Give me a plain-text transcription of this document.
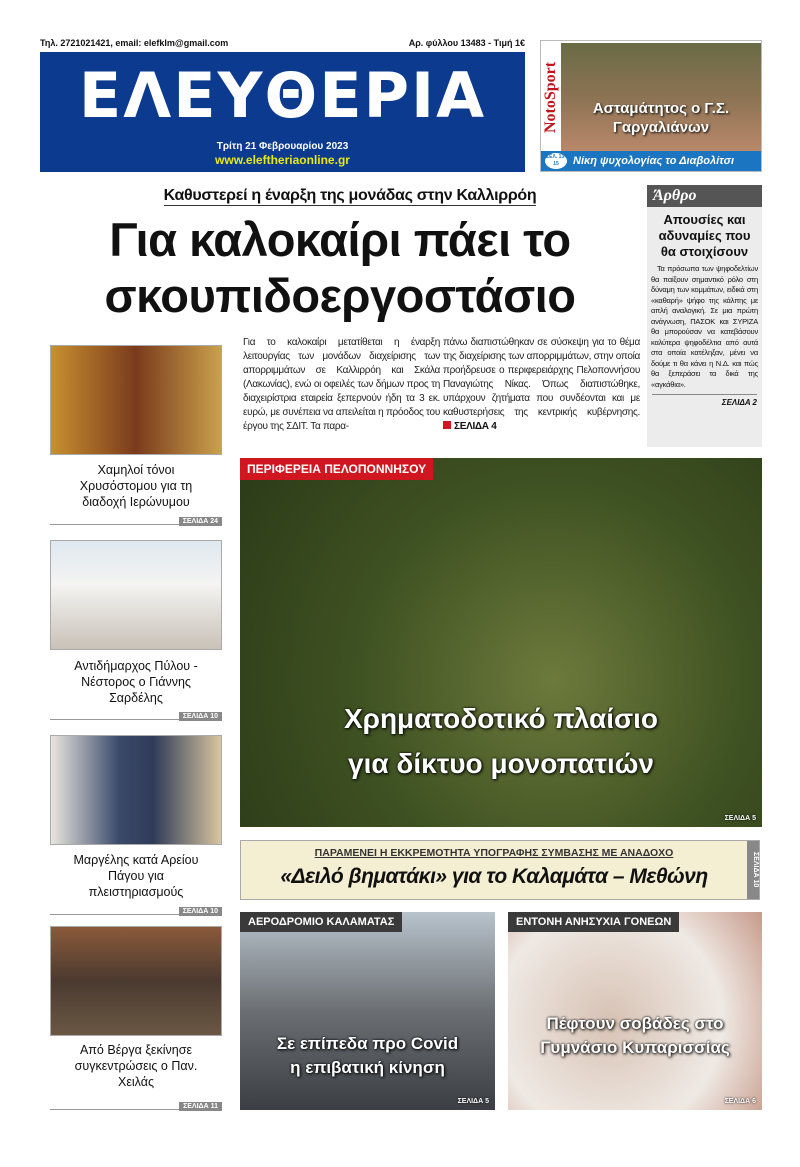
Τηλ. 2721021421, email: elefklm@gmail.com	Αρ. φύλλου 13483 - Τιμή 1€
ΕΛΕΥΘΕΡΙΑ
Τρίτη 21 Φεβρουαρίου 2023
www.eleftheriaonline.gr
NotoSport	Ασταμάτητος ο Γ.Σ. Γαργαλιάνων
ΣΕΛ. 13-15	Νίκη ψυχολογίας το Διαβολίτσι
Καθυστερεί η έναρξη της μονάδας στην Καλλιρρόη
Για καλοκαίρι πάει το σκουπιδοεργοστάσιο
Για το καλοκαίρι μετατίθεται η έναρξη λειτουργίας των μονάδων διαχείρισης των απορριμμάτων σε Καλλιρρόη και Σκάλα (Λακωνίας), ενώ οι οφειλές των δήμων προς τη διαχειρίστρια εταιρεία ξεπερνούν ήδη τα 3 εκ. ευρώ, με συνέπεια να απειλείται η πρόοδος του έργου της ΣΔΙΤ. Τα παρα-
πάνω διαπιστώθηκαν σε σύσκεψη για το θέμα της διαχείρισης των απορριμμάτων, στην οποία προήδρευσε ο περιφερειάρχης Πελοποννήσου Παναγιώτης Νίκας. Όπως διαπιστώθηκε, υπάρχουν ζητήματα που συνδέονται και με καθυστερήσεις της κεντρικής κυβέρνησης. ΣΕΛΙΔΑ 4
Άρθρο
Απουσίες και αδυναμίες που θα στοιχίσουν
Τα πρόσωπα των ψηφοδελτίων θα παίξουν σημαντικό ρόλο στη δύναμη των κομμάτων, ειδικά στη «καθαρή» ψήφο της κάλπης με απλή αναλογική. Σε μια πρώτη ανάγνωση, ΠΑΣΟΚ και ΣΥΡΙΖΑ θα μπορούσαν να κατεβάσουν καλύτερα ψηφοδέλτια από αυτά στα οποία κατέληξαν, μένει να δούμε τι θα κάνει η Ν.Δ. και πώς θα ξεπεράσει τα δικά της «αγκάθια».
ΣΕΛΙΔΑ 2
Χαμηλοί τόνοι Χρυσόστομου για τη διαδοχή Ιερώνυμου
ΣΕΛΙΔΑ 24
Αντιδήμαρχος Πύλου - Νέστορος ο Γιάννης Σαρδέλης
ΣΕΛΙΔΑ 10
Μαργέλης κατά Αρείου Πάγου για πλειστηριασμούς
ΣΕΛΙΔΑ 10
Από Βέργα ξεκίνησε συγκεντρώσεις ο Παν. Χειλάς
ΣΕΛΙΔΑ 11
ΠΕΡΙΦΕΡΕΙΑ ΠΕΛΟΠΟΝΝΗΣΟΥ
Χρηματοδοτικό πλαίσιο
για δίκτυο μονοπατιών
ΣΕΛΙΔΑ 5
ΠΑΡΑΜΕΝΕΙ Η ΕΚΚΡΕΜΟΤΗΤΑ ΥΠΟΓΡΑΦΗΣ ΣΥΜΒΑΣΗΣ ΜΕ ΑΝΑΔΟΧΟ
«Δειλό βηματάκι» για το Καλαμάτα – Μεθώνη	ΣΕΛΙΔΑ 10
ΑΕΡΟΔΡΟΜΙΟ ΚΑΛΑΜΑΤΑΣ
Σε επίπεδα προ Covid
η επιβατική κίνηση
ΣΕΛΙΔΑ 5
ΕΝΤΟΝΗ ΑΝΗΣΥΧΙΑ ΓΟΝΕΩΝ
Πέφτουν σοβάδες στο
Γυμνάσιο Κυπαρισσίας
ΣΕΛΙΔΑ 6
